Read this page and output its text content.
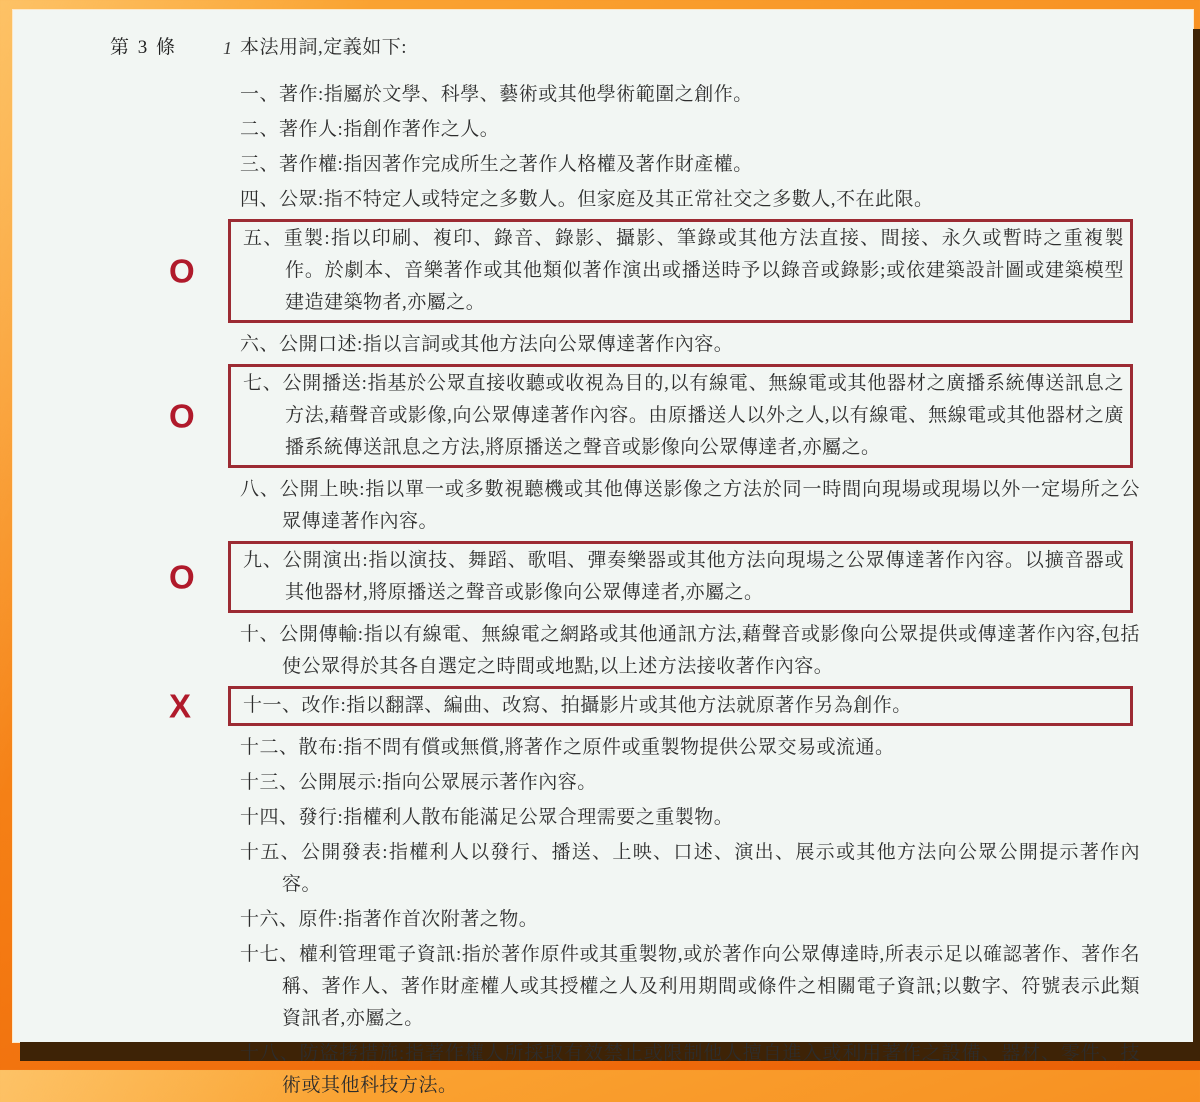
第 3 條	1 本法用詞,定義如下:
一、著作:指屬於文學、科學、藝術或其他學術範圍之創作。
二、著作人:指創作著作之人。
三、著作權:指因著作完成所生之著作人格權及著作財產權。
四、公眾:指不特定人或特定之多數人。但家庭及其正常社交之多數人,不在此限。
O
五、重製:指以印刷、複印、錄音、錄影、攝影、筆錄或其他方法直接、間接、永久或暫時之重複製作。於劇本、音樂著作或其他類似著作演出或播送時予以錄音或錄影;或依建築設計圖或建築模型建造建築物者,亦屬之。
六、公開口述:指以言詞或其他方法向公眾傳達著作內容。
O
七、公開播送:指基於公眾直接收聽或收視為目的,以有線電、無線電或其他器材之廣播系統傳送訊息之方法,藉聲音或影像,向公眾傳達著作內容。由原播送人以外之人,以有線電、無線電或其他器材之廣播系統傳送訊息之方法,將原播送之聲音或影像向公眾傳達者,亦屬之。
八、公開上映:指以單一或多數視聽機或其他傳送影像之方法於同一時間向現場或現場以外一定場所之公眾傳達著作內容。
O	九、公開演出:指以演技、舞蹈、歌唱、彈奏樂器或其他方法向現場之公眾傳達著作內容。以擴音器或其他器材,將原播送之聲音或影像向公眾傳達者,亦屬之。
十、公開傳輸:指以有線電、無線電之網路或其他通訊方法,藉聲音或影像向公眾提供或傳達著作內容,包括使公眾得於其各自選定之時間或地點,以上述方法接收著作內容。
X	十一、改作:指以翻譯、編曲、改寫、拍攝影片或其他方法就原著作另為創作。
十二、散布:指不問有償或無償,將著作之原件或重製物提供公眾交易或流通。
十三、公開展示:指向公眾展示著作內容。
十四、發行:指權利人散布能滿足公眾合理需要之重製物。
十五、公開發表:指權利人以發行、播送、上映、口述、演出、展示或其他方法向公眾公開提示著作內容。
十六、原件:指著作首次附著之物。
十七、權利管理電子資訊:指於著作原件或其重製物,或於著作向公眾傳達時,所表示足以確認著作、著作名稱、著作人、著作財產權人或其授權之人及利用期間或條件之相關電子資訊;以數字、符號表示此類資訊者,亦屬之。
十八、防盜拷措施:指著作權人所採取有效禁止或限制他人擅自進入或利用著作之設備、器材、零件、技術或其他科技方法。
